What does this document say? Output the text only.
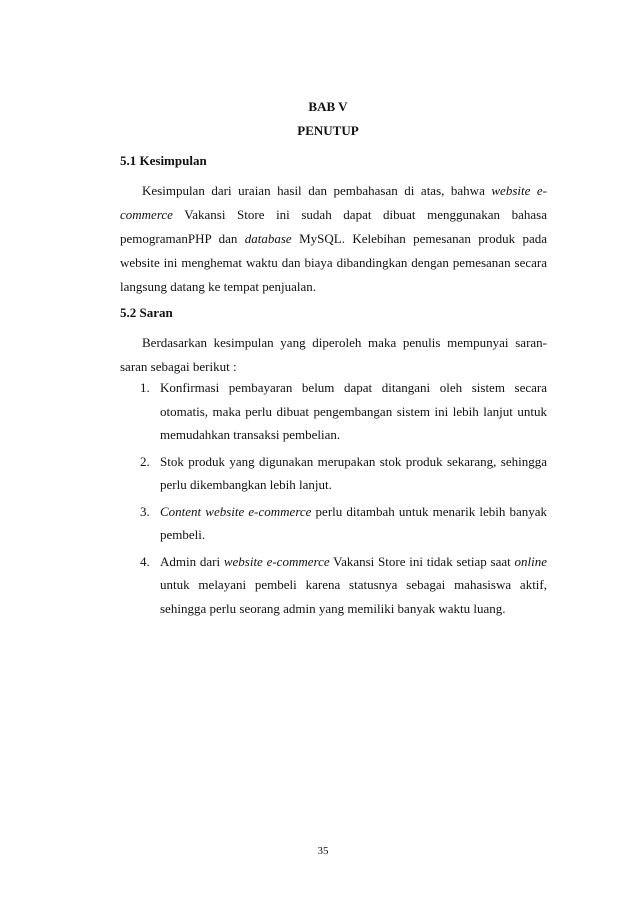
BAB V
PENUTUP
5.1 Kesimpulan
Kesimpulan dari uraian hasil dan pembahasan di atas, bahwa website e-
commerce Vakansi Store ini sudah dapat dibuat menggunakan bahasa
pemogramanPHP dan database MySQL. Kelebihan pemesanan produk pada
website ini menghemat waktu dan biaya dibandingkan dengan pemesanan secara
langsung datang ke tempat penjualan.
5.2 Saran
Berdasarkan kesimpulan yang diperoleh maka penulis mempunyai saran-
saran sebagai berikut :
1. Konfirmasi pembayaran belum dapat ditangani oleh sistem secara
otomatis, maka perlu dibuat pengembangan sistem ini lebih lanjut untuk
memudahkan transaksi pembelian.
2. Stok produk yang digunakan merupakan stok produk sekarang, sehingga
perlu dikembangkan lebih lanjut.
3. Content website e-commerce perlu ditambah untuk menarik lebih banyak
pembeli.
4. Admin dari website e-commerce Vakansi Store ini tidak setiap saat online
untuk melayani pembeli karena statusnya sebagai mahasiswa aktif,
sehingga perlu seorang admin yang memiliki banyak waktu luang.
35
